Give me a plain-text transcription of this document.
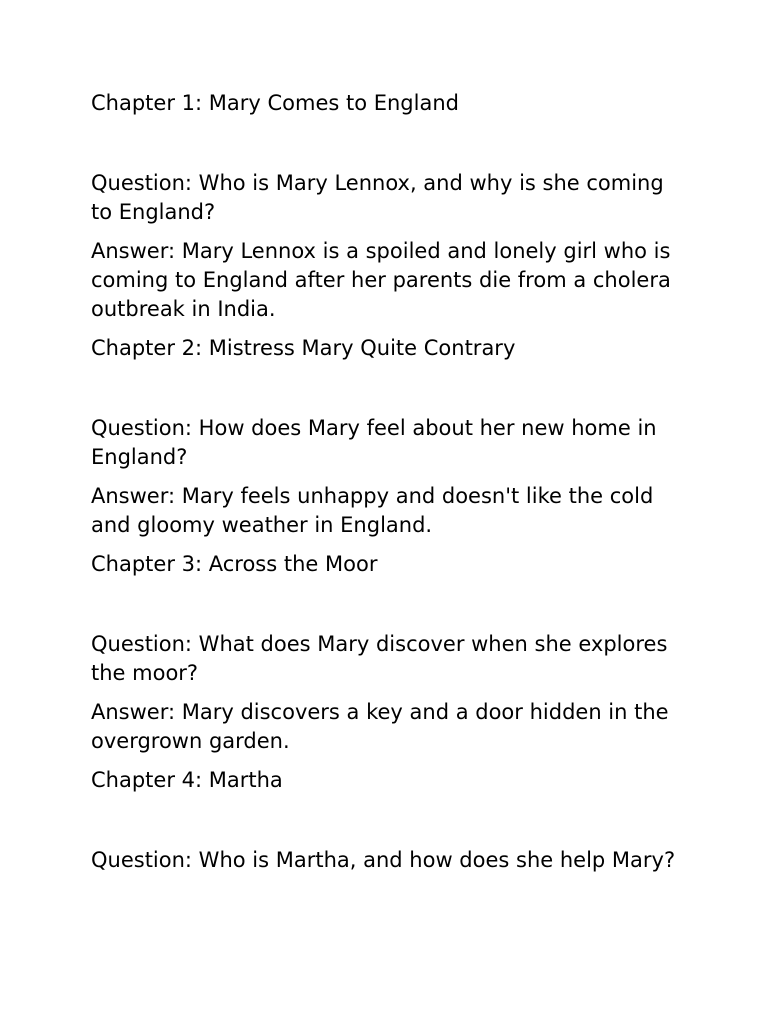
Chapter 1: Mary Comes to England

Question: Who is Mary Lennox, and why is she coming to England?

Answer: Mary Lennox is a spoiled and lonely girl who is coming to England after her parents die from a cholera outbreak in India.

Chapter 2: Mistress Mary Quite Contrary

Question: How does Mary feel about her new home in England?

Answer: Mary feels unhappy and doesn't like the cold and gloomy weather in England.

Chapter 3: Across the Moor

Question: What does Mary discover when she explores the moor?

Answer: Mary discovers a key and a door hidden in the overgrown garden.

Chapter 4: Martha

Question: Who is Martha, and how does she help Mary?
